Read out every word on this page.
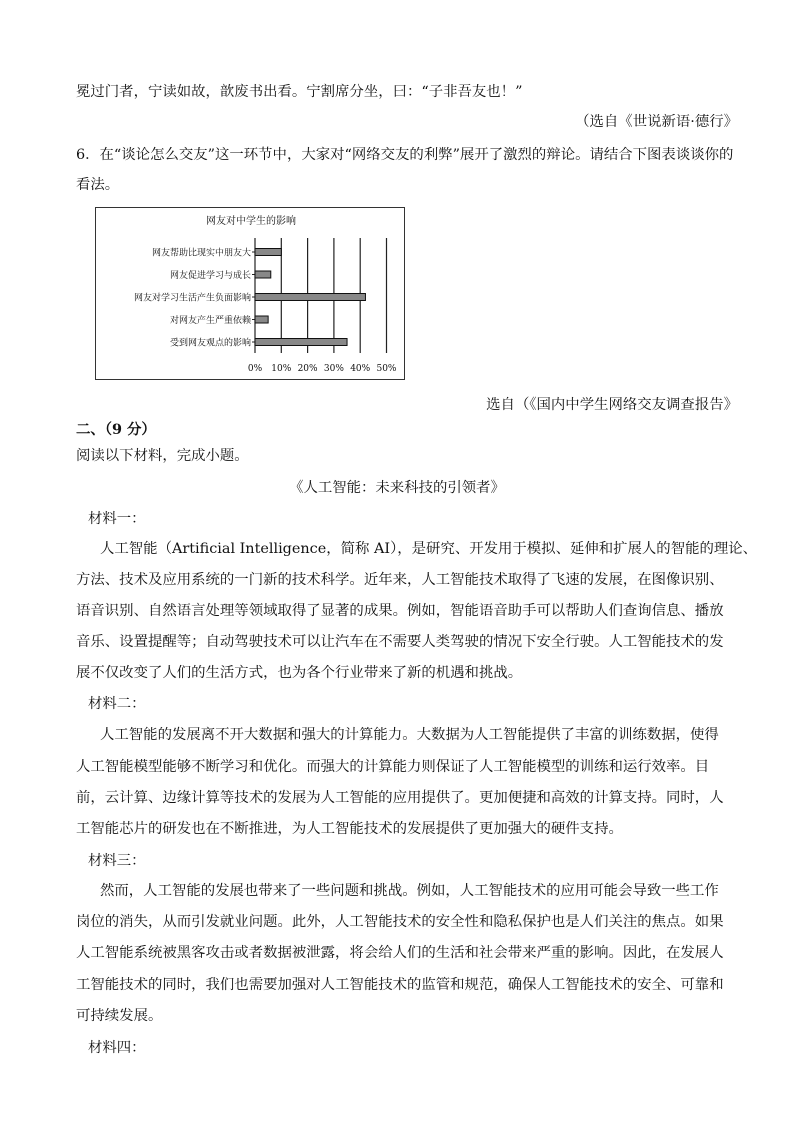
冕过门者，宁读如故，歆废书出看。宁割席分坐，曰：“子非吾友也！”
（选自《世说新语·德行》
6．在“谈论怎么交友”这一环节中，大家对“网络交友的利弊”展开了激烈的辩论。请结合下图表谈谈你的
看法。
网友对中学生的影响
0% 10% 20% 30% 40% 50%
网友帮助比现实中朋友大
网友促进学习与成长
网友对学习生活产生负面影响
对网友产生严重依赖
受到网友观点的影响
选自（《国内中学生网络交友调查报告》
二、（9 分）
阅读以下材料，完成小题。
《人工智能：未来科技的引领者》
材料一：
人工智能（Artificial Intelligence，简称 AI），是研究、开发用于模拟、延伸和扩展人的智能的理论、
方法、技术及应用系统的一门新的技术科学。近年来，人工智能技术取得了飞速的发展，在图像识别、
语音识别、自然语言处理等领域取得了显著的成果。例如，智能语音助手可以帮助人们查询信息、播放
音乐、设置提醒等；自动驾驶技术可以让汽车在不需要人类驾驶的情况下安全行驶。人工智能技术的发
展不仅改变了人们的生活方式，也为各个行业带来了新的机遇和挑战。
材料二：
人工智能的发展离不开大数据和强大的计算能力。大数据为人工智能提供了丰富的训练数据，使得
人工智能模型能够不断学习和优化。而强大的计算能力则保证了人工智能模型的训练和运行效率。目
前，云计算、边缘计算等技术的发展为人工智能的应用提供了。更加便捷和高效的计算支持。同时，人
工智能芯片的研发也在不断推进，为人工智能技术的发展提供了更加强大的硬件支持。
材料三：
然而，人工智能的发展也带来了一些问题和挑战。例如，人工智能技术的应用可能会导致一些工作
岗位的消失，从而引发就业问题。此外，人工智能技术的安全性和隐私保护也是人们关注的焦点。如果
人工智能系统被黑客攻击或者数据被泄露，将会给人们的生活和社会带来严重的影响。因此，在发展人
工智能技术的同时，我们也需要加强对人工智能技术的监管和规范，确保人工智能技术的安全、可靠和
可持续发展。
材料四：
